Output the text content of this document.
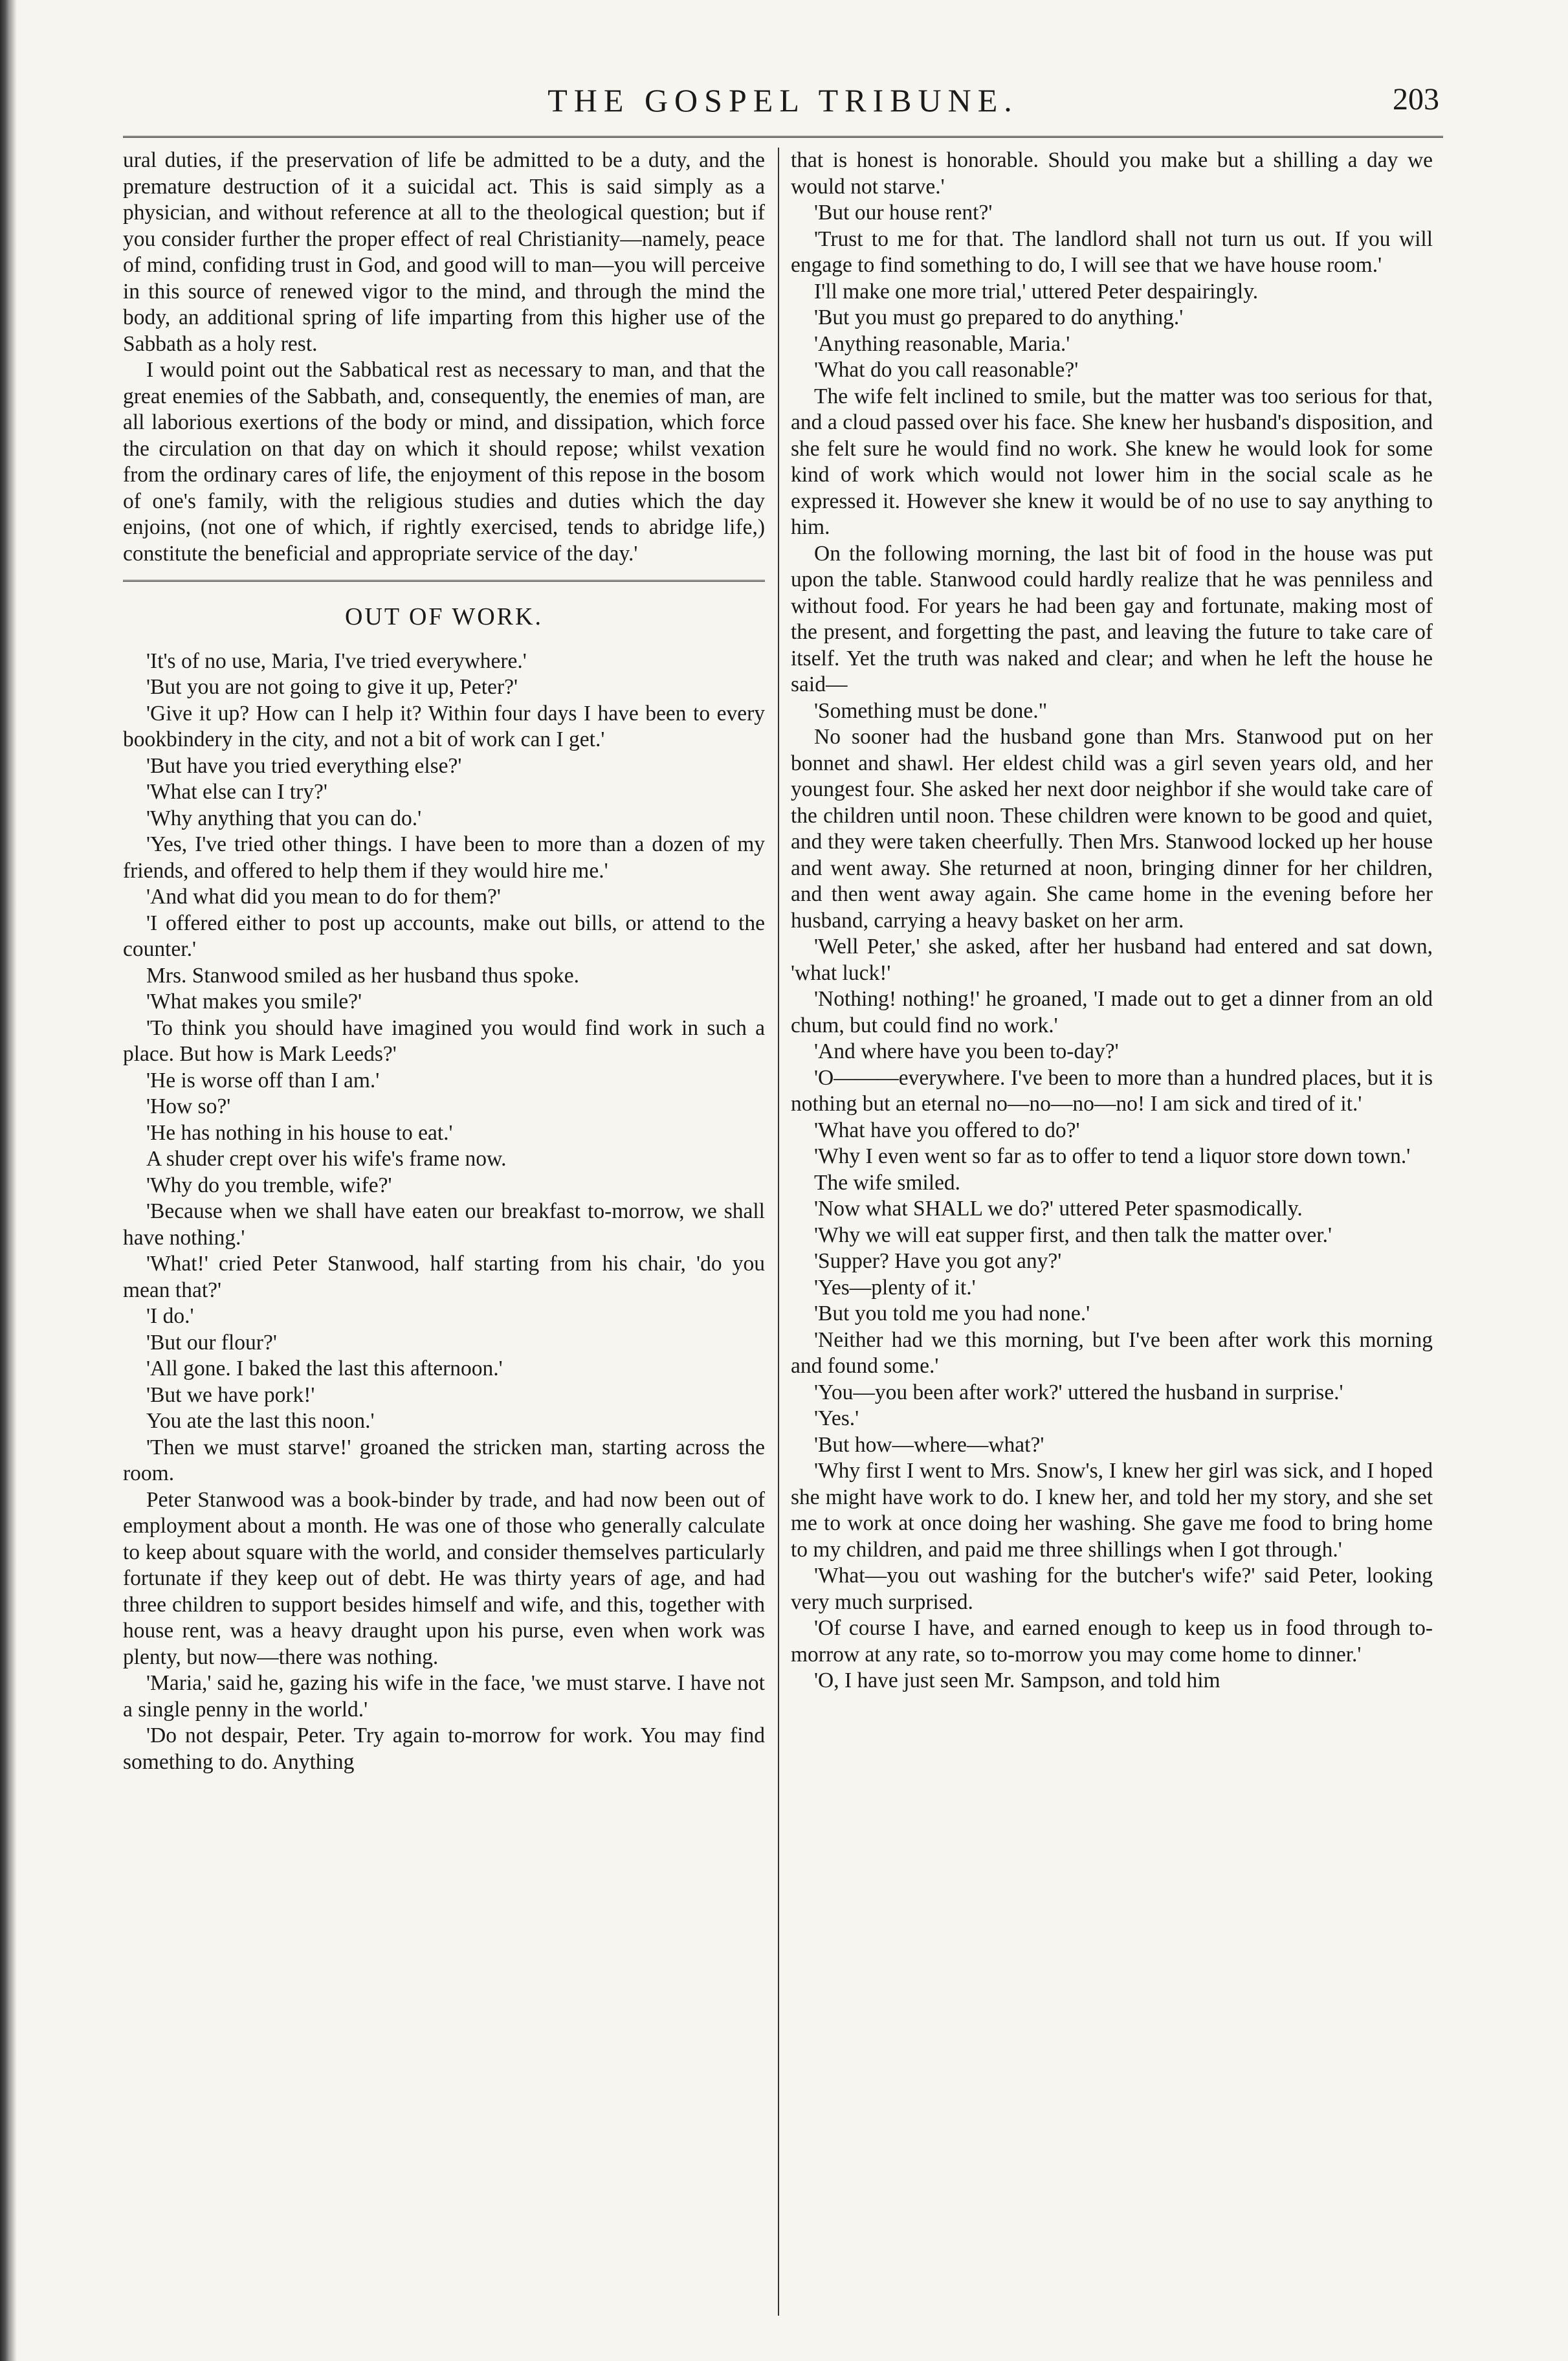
THE GOSPEL TRIBUNE.	203

ural duties, if the preservation of life be admitted to be a duty, and the premature destruction of it a suicidal act. This is said simply as a physician, and without reference at all to the theological question; but if you consider further the proper effect of real Christianity—namely, peace of mind, confiding trust in God, and good will to man—you will perceive in this source of renewed vigor to the mind, and through the mind the body, an additional spring of life imparting from this higher use of the Sabbath as a holy rest.

I would point out the Sabbatical rest as necessary to man, and that the great enemies of the Sabbath, and, consequently, the enemies of man, are all laborious exertions of the body or mind, and dissipation, which force the circulation on that day on which it should repose; whilst vexation from the ordinary cares of life, the enjoyment of this repose in the bosom of one's family, with the religious studies and duties which the day enjoins, (not one of which, if rightly exercised, tends to abridge life,) constitute the beneficial and appropriate service of the day.'

OUT OF WORK.

'It's of no use, Maria, I've tried everywhere.'

'But you are not going to give it up, Peter?'

'Give it up? How can I help it? Within four days I have been to every bookbindery in the city, and not a bit of work can I get.'

'But have you tried everything else?'

'What else can I try?'

'Why anything that you can do.'

'Yes, I've tried other things. I have been to more than a dozen of my friends, and offered to help them if they would hire me.'

'And what did you mean to do for them?'

'I offered either to post up accounts, make out bills, or attend to the counter.'

Mrs. Stanwood smiled as her husband thus spoke.

'What makes you smile?'

'To think you should have imagined you would find work in such a place. But how is Mark Leeds?'

'He is worse off than I am.'

'How so?'

'He has nothing in his house to eat.'

A shuder crept over his wife's frame now.

'Why do you tremble, wife?'

'Because when we shall have eaten our breakfast to-morrow, we shall have nothing.'

'What!' cried Peter Stanwood, half starting from his chair, 'do you mean that?'

'I do.'

'But our flour?'

'All gone. I baked the last this afternoon.'

'But we have pork!'

You ate the last this noon.'

'Then we must starve!' groaned the stricken man, starting across the room.

Peter Stanwood was a book-binder by trade, and had now been out of employment about a month. He was one of those who generally calculate to keep about square with the world, and consider themselves particularly fortunate if they keep out of debt. He was thirty years of age, and had three children to support besides himself and wife, and this, together with house rent, was a heavy draught upon his purse, even when work was plenty, but now—there was nothing.

'Maria,' said he, gazing his wife in the face, 'we must starve. I have not a single penny in the world.'

'Do not despair, Peter. Try again to-morrow for work. You may find something to do. Anything

that is honest is honorable. Should you make but a shilling a day we would not starve.'

'But our house rent?'

'Trust to me for that. The landlord shall not turn us out. If you will engage to find something to do, I will see that we have house room.'

I'll make one more trial,' uttered Peter despairingly.

'But you must go prepared to do anything.'

'Anything reasonable, Maria.'

'What do you call reasonable?'

The wife felt inclined to smile, but the matter was too serious for that, and a cloud passed over his face. She knew her husband's disposition, and she felt sure he would find no work. She knew he would look for some kind of work which would not lower him in the social scale as he expressed it. However she knew it would be of no use to say anything to him.

On the following morning, the last bit of food in the house was put upon the table. Stanwood could hardly realize that he was penniless and without food. For years he had been gay and fortunate, making most of the present, and forgetting the past, and leaving the future to take care of itself. Yet the truth was naked and clear; and when he left the house he said—

'Something must be done."

No sooner had the husband gone than Mrs. Stanwood put on her bonnet and shawl. Her eldest child was a girl seven years old, and her youngest four. She asked her next door neighbor if she would take care of the children until noon. These children were known to be good and quiet, and they were taken cheerfully. Then Mrs. Stanwood locked up her house and went away. She returned at noon, bringing dinner for her children, and then went away again. She came home in the evening before her husband, carrying a heavy basket on her arm.

'Well Peter,' she asked, after her husband had entered and sat down, 'what luck!'

'Nothing! nothing!' he groaned, 'I made out to get a dinner from an old chum, but could find no work.'

'And where have you been to-day?'

'O———everywhere. I've been to more than a hundred places, but it is nothing but an eternal no—no—no—no! I am sick and tired of it.'

'What have you offered to do?'

'Why I even went so far as to offer to tend a liquor store down town.'

The wife smiled.

'Now what SHALL we do?' uttered Peter spasmodically.

'Why we will eat supper first, and then talk the matter over.'

'Supper? Have you got any?'

'Yes—plenty of it.'

'But you told me you had none.'

'Neither had we this morning, but I've been after work this morning and found some.'

'You—you been after work?' uttered the husband in surprise.'

'Yes.'

'But how—where—what?'

'Why first I went to Mrs. Snow's, I knew her girl was sick, and I hoped she might have work to do. I knew her, and told her my story, and she set me to work at once doing her washing. She gave me food to bring home to my children, and paid me three shillings when I got through.'

'What—you out washing for the butcher's wife?' said Peter, looking very much surprised.

'Of course I have, and earned enough to keep us in food through to-morrow at any rate, so to-morrow you may come home to dinner.'

'O, I have just seen Mr. Sampson, and told him
